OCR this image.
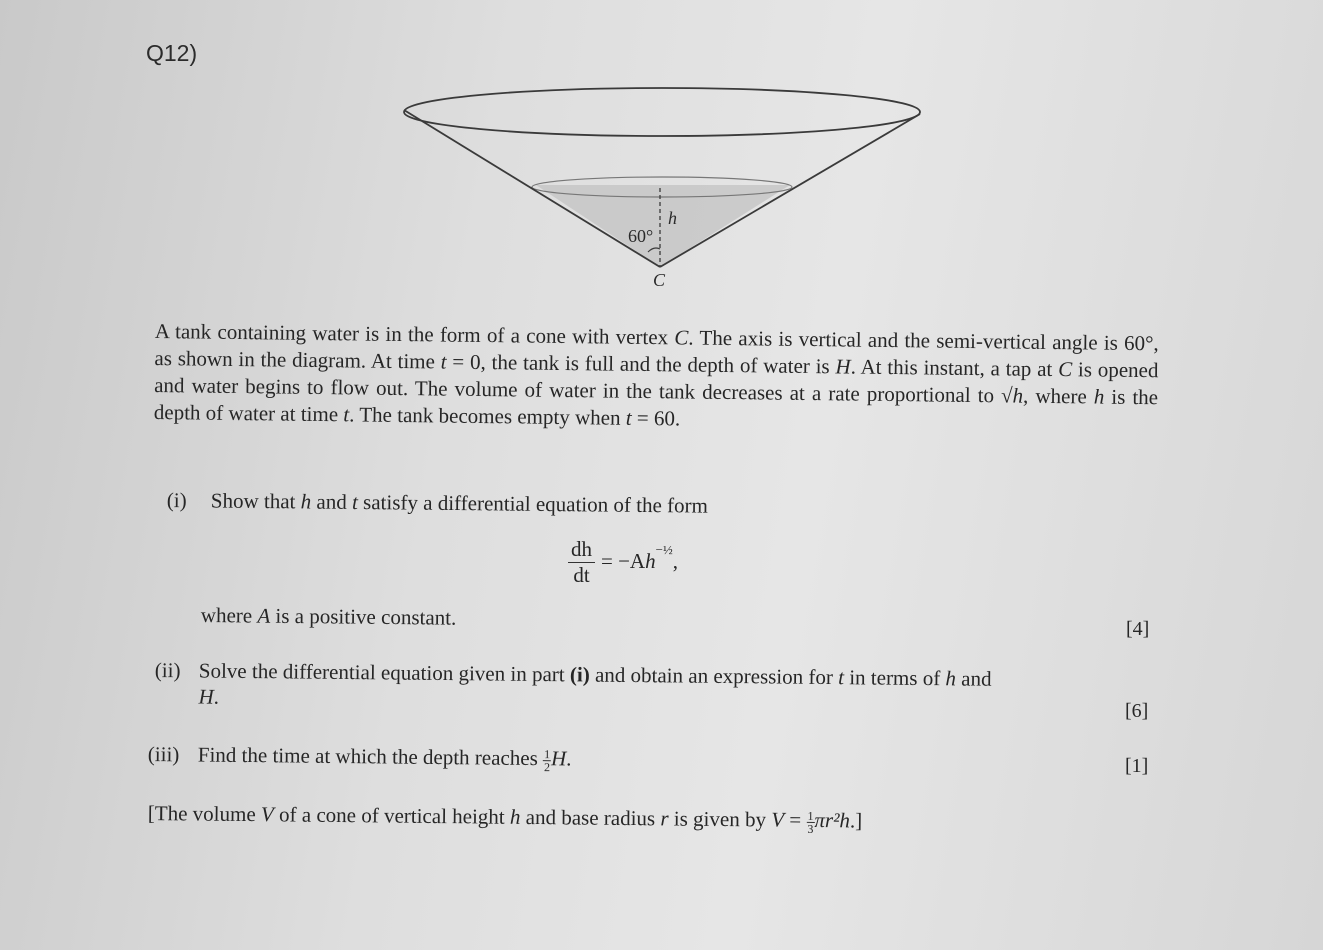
Q12)
60°
h
C
A tank containing water is in the form of a cone with vertex C. The axis is vertical and the semi-vertical angle is 60°, as shown in the diagram. At time t = 0, the tank is full and the depth of water is H. At this instant, a tap at C is opened and water begins to flow out. The volume of water in the tank decreases at a rate proportional to √h, where h is the depth of water at time t. The tank becomes empty when t = 60.
(i) Show that h and t satisfy a differential equation of the form
$\frac{dh}{dt} = -A$ h −½ ,
where A is a positive constant.	[4]
(ii) Solve the differential equation given in part (i) and obtain an expression for t in terms of h and
H.
[6]
(iii) Find the time at which the depth reaches $\frac{1}{2} H$.	[1]
[The volume V of a cone of vertical height h and base radius r is given by $V = \frac{1}{3} \pi r^2h$.]
